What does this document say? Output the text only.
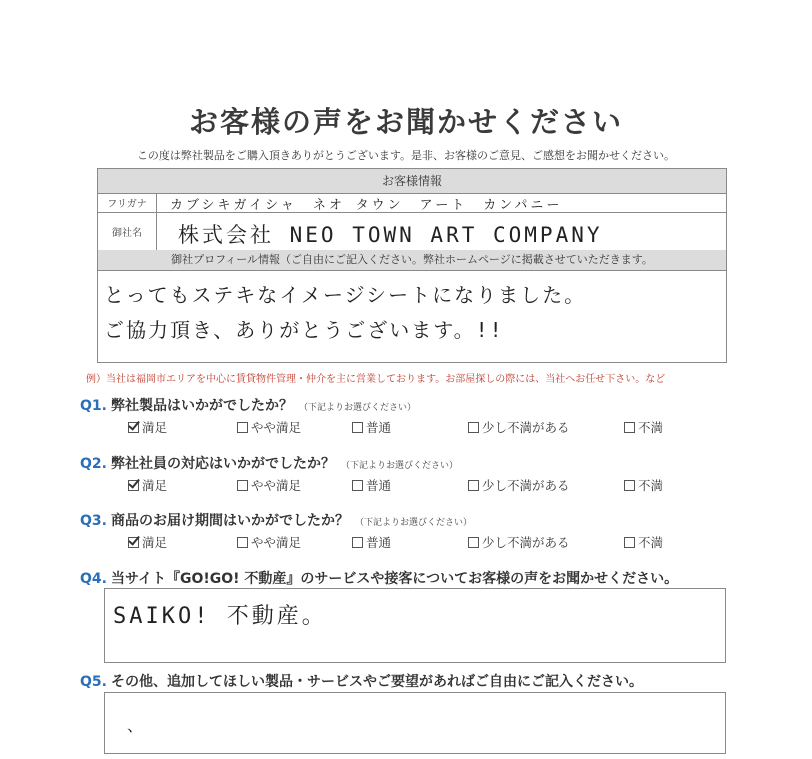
お客様の声をお聞かせください
この度は弊社製品をご購入頂きありがとうございます。是非、お客様のご意見、ご感想をお聞かせください。
お客様情報
フリガナ	カブシキガイシャ　ネオ タウン　アート　カンパニー
御社名	株式会社 NEO TOWN ART COMPANY
御社プロフィール情報（ご自由にご記入ください。弊社ホームページに掲載させていただきます。
とってもステキなイメージシートになりました。
ご協力頂き、ありがとうございます。!!
例）当社は福岡市エリアを中心に賃貸物件管理・仲介を主に営業しております。お部屋探しの際には、当社へお任せ下さい。など
Q1. 弊社製品はいかがでしたか？ （下記よりお選びください）
満足	やや満足	普通	少し不満がある	不満
Q2. 弊社社員の対応はいかがでしたか？ （下記よりお選びください）
満足	やや満足	普通	少し不満がある	不満
Q3. 商品のお届け期間はいかがでしたか？ （下記よりお選びください）
満足	やや満足	普通	少し不満がある	不満
Q4. 当サイト『GO!GO! 不動産』のサービスや接客についてお客様の声をお聞かせください。
SAIKO! 不動産。
Q5. その他、追加してほしい製品・サービスやご要望があればご自由にご記入ください。
、
